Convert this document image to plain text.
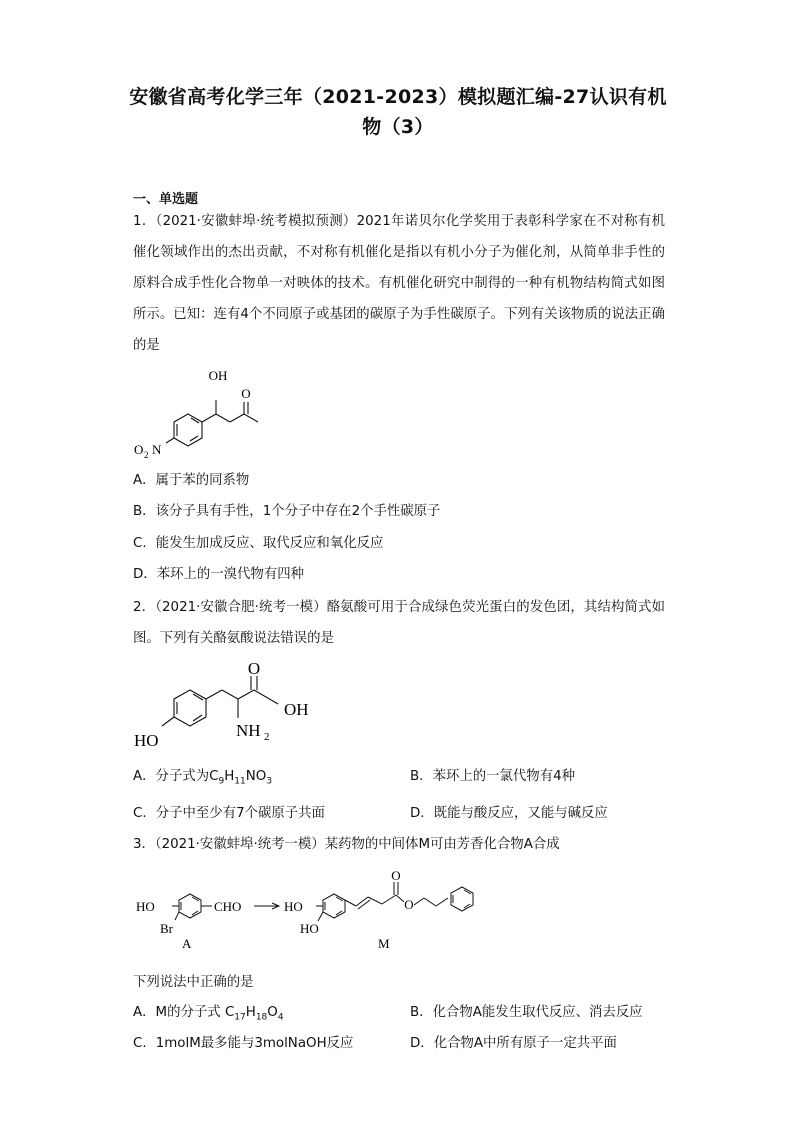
安徽省高考化学三年（2021-2023）模拟题汇编-27认识有机
物（3）
一、单选题
1．（2021·安徽蚌埠·统考模拟预测）2021年诺贝尔化学奖用于表彰科学家在不对称有机催化领域作出的杰出贡献，不对称有机催化是指以有机小分子为催化剂，从简单非手性的原料合成手性化合物单一对映体的技术。有机催化研究中制得的一种有机物结构简式如图所示。已知：连有4个不同原子或基团的碳原子为手性碳原子。下列有关该物质的说法正确的是
OH
O
O 2 N
A．属于苯的同系物
B．该分子具有手性，1个分子中存在2个手性碳原子
C．能发生加成反应、取代反应和氧化反应
D．苯环上的一溴代物有四种
2．（2021·安徽合肥·统考一模）酪氨酸可用于合成绿色荧光蛋白的发色团，其结构简式如图。下列有关酪氨酸说法错误的是
O
OH
NH 2
HO
A．分子式为$C_9H_{11}NO_3$	B．苯环上的一氯代物有4种
C．分子中至少有7个碳原子共面	D．既能与酸反应，又能与碱反应
3．（2021·安徽蚌埠·统考一模）某药物的中间体M可由芳香化合物A合成
HO
Br
CHO
A
HO
HO
O
O
M
下列说法中正确的是
A．M的分子式 $C_{17}H_{18}O_4$	B．化合物A能发生取代反应、消去反应
C．1molM最多能与3molNaOH反应	D．化合物A中所有原子一定共平面
